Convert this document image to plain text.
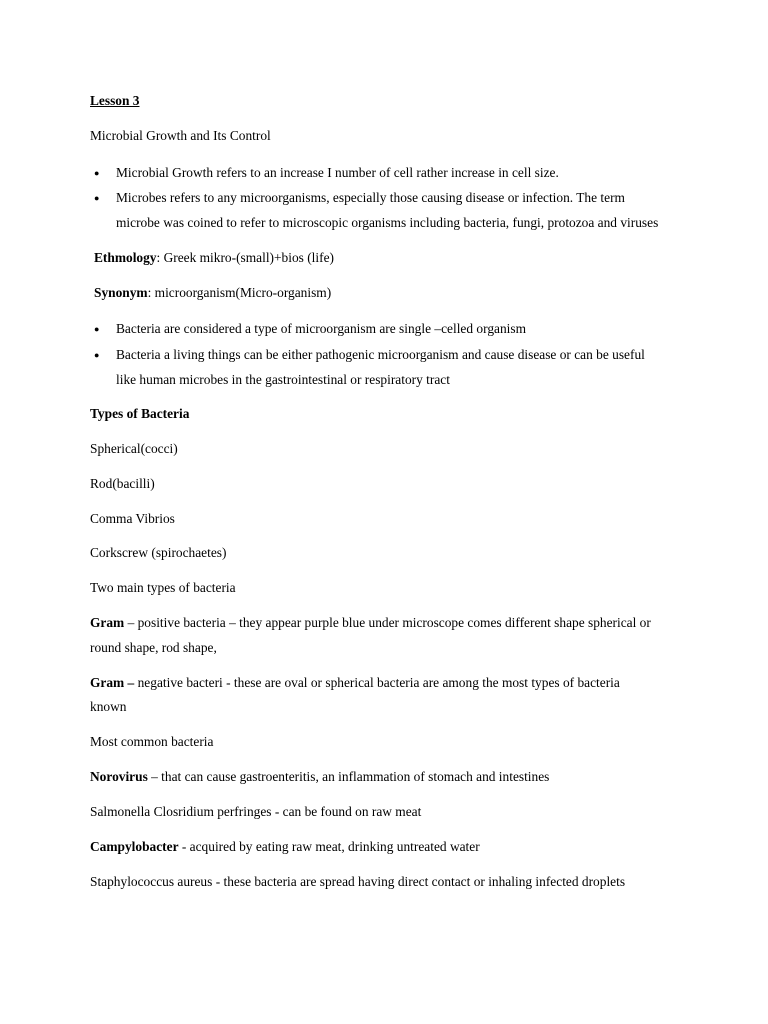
Lesson 3
Microbial Growth and Its Control
● Microbial Growth refers to an increase I number of cell rather increase in cell size.
● Microbes refers to any microorganisms, especially those causing disease or infection. The term
microbe was coined to refer to microscopic organisms including bacteria, fungi, protozoa and viruses
Ethmology: Greek mikro-(small)+bios (life)
Synonym: microorganism(Micro-organism)
● Bacteria are considered a type of microorganism are single –celled organism
● Bacteria a living things can be either pathogenic microorganism and cause disease or can be useful
like human microbes in the gastrointestinal or respiratory tract
Types of Bacteria
Spherical(cocci)
Rod(bacilli)
Comma Vibrios
Corkscrew (spirochaetes)
Two main types of bacteria
Gram – positive bacteria – they appear purple blue under microscope comes different shape spherical or
round shape, rod shape,
Gram – negative bacteri - these are oval or spherical bacteria are among the most types of bacteria
known
Most common bacteria
Norovirus – that can cause gastroenteritis, an inflammation of stomach and intestines
Salmonella Closridium perfringes - can be found on raw meat
Campylobacter - acquired by eating raw meat, drinking untreated water
Staphylococcus aureus - these bacteria are spread having direct contact or inhaling infected droplets
